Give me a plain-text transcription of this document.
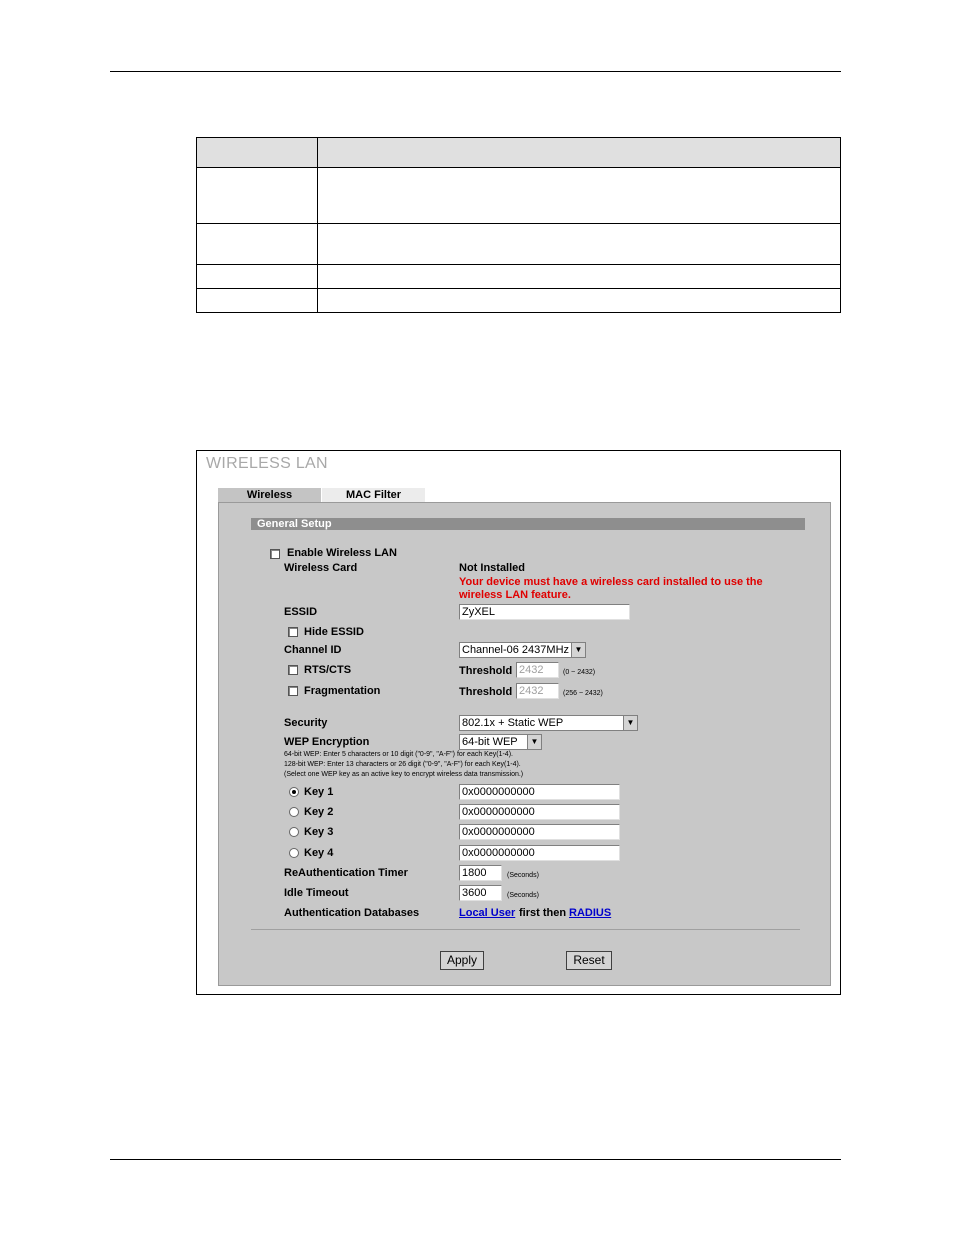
WIRELESS LAN
Wireless	MAC Filter
General Setup
Enable Wireless LAN
Wireless Card	Not Installed
Your device must have a wireless card installed to use the wireless LAN feature.
ESSID	ZyXEL
Hide ESSID
Channel ID	Channel-06 2437MHz ▼
RTS/CTS	Threshold 2432	(0 ~ 2432)
Fragmentation	Threshold 2432	(256 ~ 2432)
Security	802.1x + Static WEP	▼
WEP Encryption	64-bit WEP	▼
64-bit WEP: Enter 5 characters or 10 digit ("0-9", "A-F") for each Key(1-4).
128-bit WEP: Enter 13 characters or 26 digit ("0-9", "A-F") for each Key(1-4).
(Select one WEP key as an active key to encrypt wireless data transmission.)
Key 1	0x0000000000
Key 2	0x0000000000
Key 3	0x0000000000
Key 4	0x0000000000
ReAuthentication Timer	1800	(Seconds)
Idle Timeout	3600	(Seconds)
Authentication Databases	Local User first then RADIUS
Apply	Reset
